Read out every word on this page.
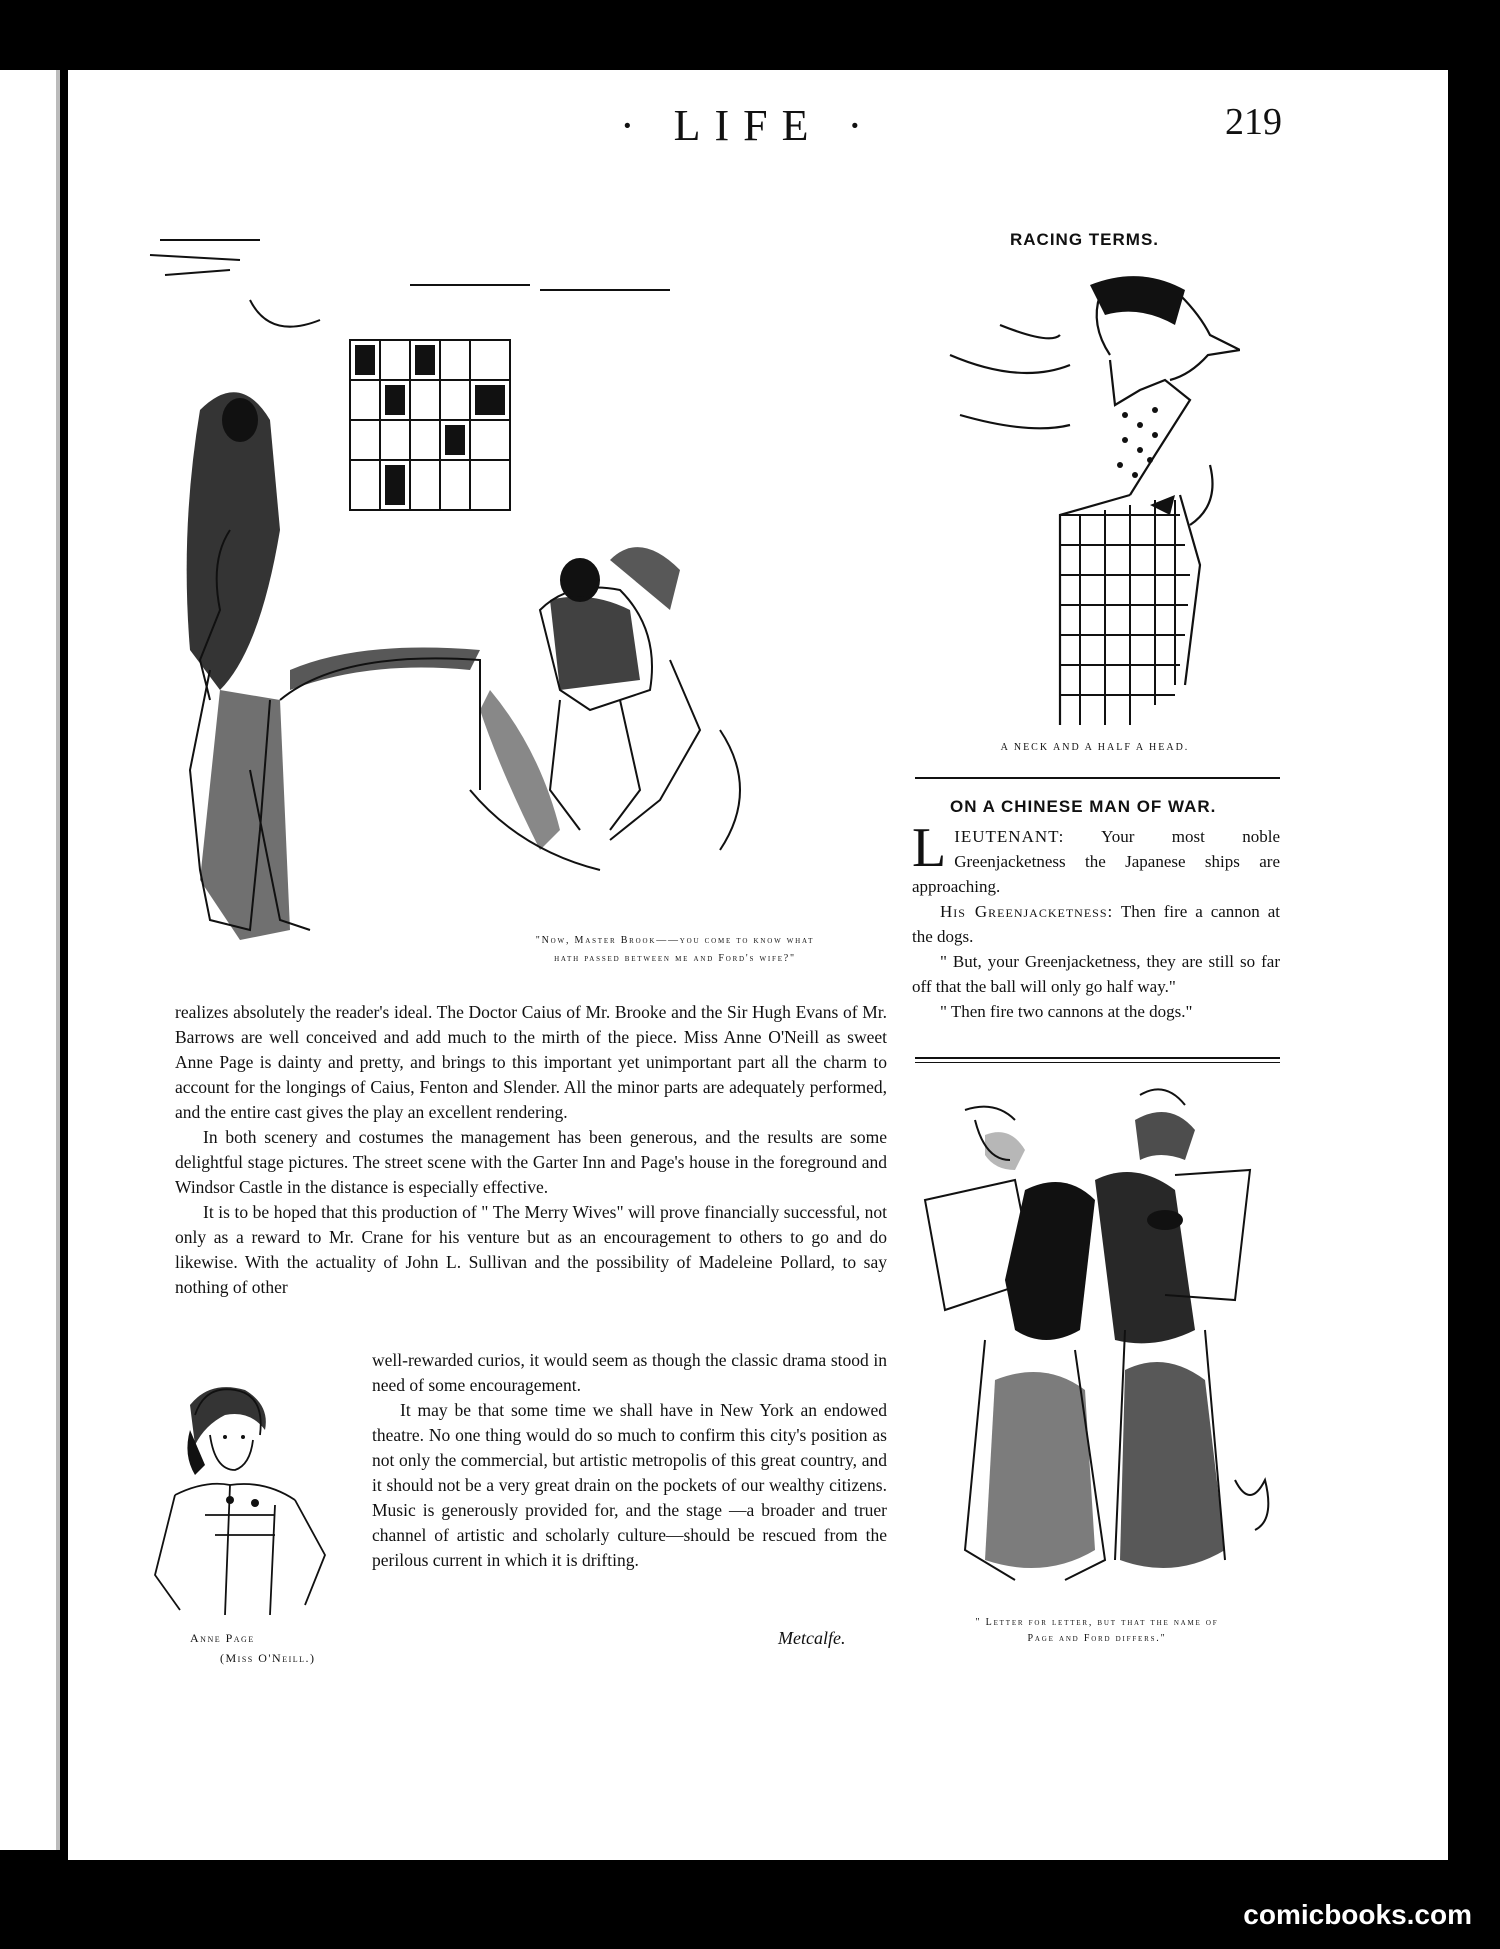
· LIFE ·	219
"Now, Master Brook——you come to know what
hath passed between me and Ford's wife?"
RACING TERMS.
A NECK AND A HALF A HEAD.
ON A CHINESE MAN OF WAR.

L IEUTENANT: Your most noble Greenjacketness the Japanese ships are approaching.

His Greenjacketness: Then fire a cannon at the dogs.

" But, your Greenjacketness, they are still so far off that the ball will only go half way."

" Then fire two cannons at the dogs."

" Letter for letter, but that the name of
Page and Ford differs."

realizes absolutely the reader's ideal. The Doctor Caius of Mr. Brooke and the Sir Hugh Evans of Mr. Barrows are well conceived and add much to the mirth of the piece. Miss Anne O'Neill as sweet Anne Page is dainty and pretty, and brings to this important yet unimportant part all the charm to account for the longings of Caius, Fenton and Slender. All the minor parts are adequately performed, and the entire cast gives the play an excellent rendering.

In both scenery and costumes the management has been generous, and the results are some delightful stage pictures. The street scene with the Garter Inn and Page's house in the foreground and Windsor Castle in the distance is especially effective.

It is to be hoped that this production of " The Merry Wives" will prove financially successful, not only as a reward to Mr. Crane for his venture but as an encouragement to others to go and do likewise. With the actuality of John L. Sullivan and the possibility of Madeleine Pollard, to say nothing of other

well-rewarded curios, it would seem as though the classic drama stood in need of some encouragement.

It may be that some time we shall have in New York an endowed theatre. No one thing would do so much to confirm this city's position as not only the commercial, but artistic metropolis of this great country, and it should not be a very great drain on the pockets of our wealthy citizens. Music is generously provided for, and the stage —a broader and truer channel of artistic and scholarly culture—should be rescued from the perilous current in which it is drifting.

Metcalfe.
Anne Page
(Miss O'Neill.)
comicbooks.com
